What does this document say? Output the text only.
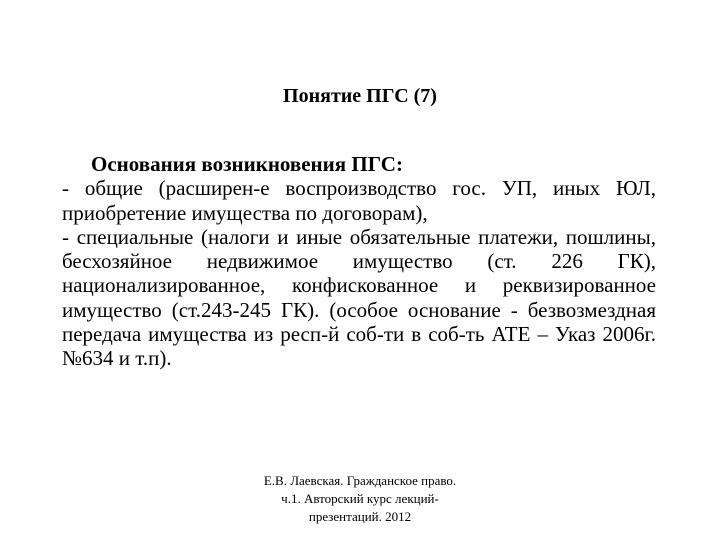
Понятие ПГС (7)
Основания возникновения ПГС:
- общие (расширен-е воспроизводство гос. УП, иных ЮЛ, приобретение имущества по договорам),
- специальные (налоги и иные обязательные платежи, пошлины, бесхозяйное недвижимое имущество (ст. 226 ГК), национализированное, конфискованное и реквизированное имущество (ст.243-245 ГК). (особое основание - безвозмездная передача имущества из респ-й соб-ти в соб-ть АТЕ – Указ 2006г. №634 и т.п).
Е.В. Лаевская. Гражданское право.
ч.1. Авторский курс лекций-
презентаций. 2012
